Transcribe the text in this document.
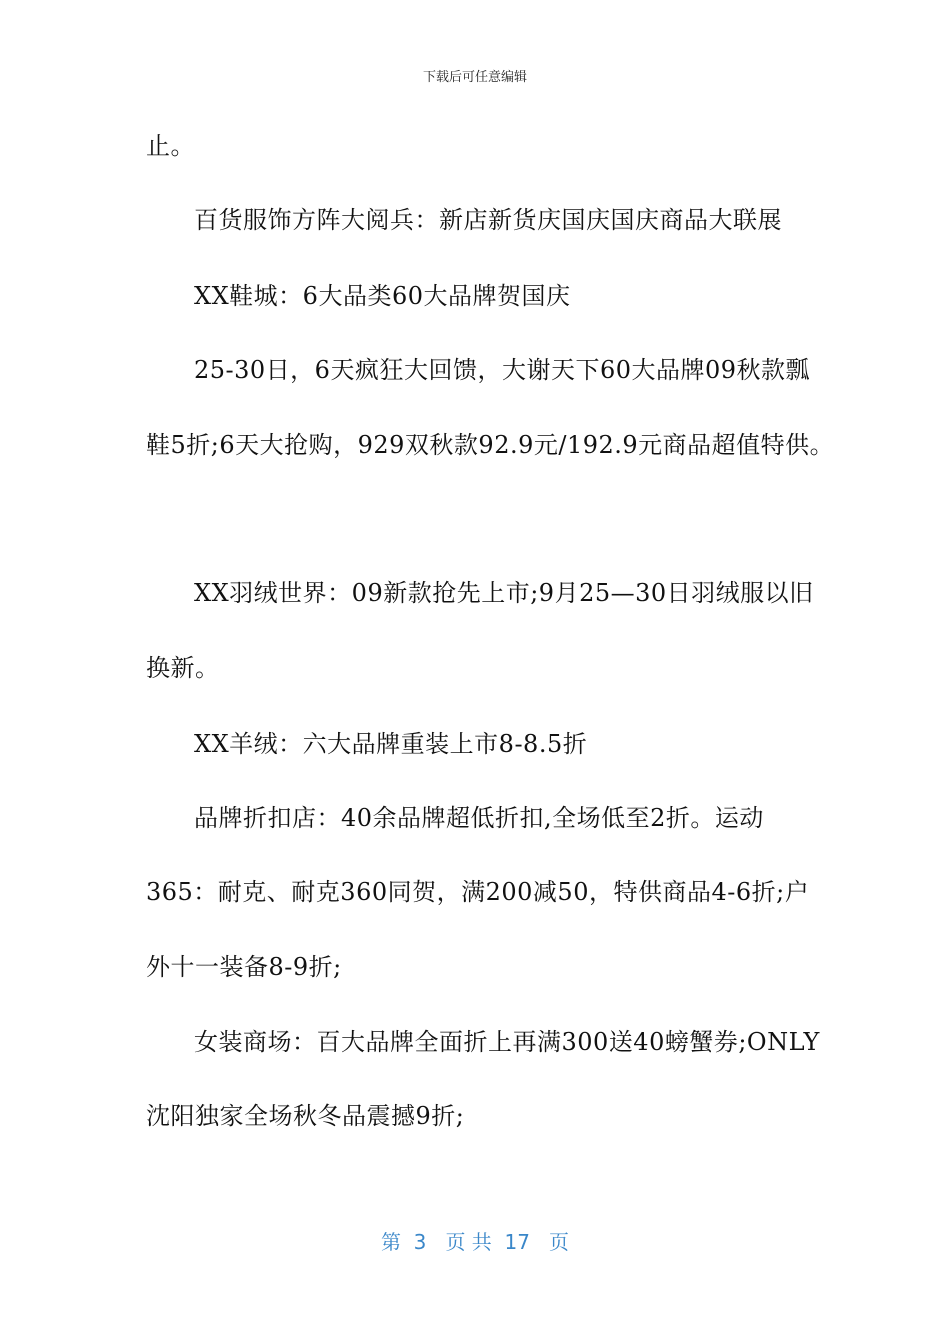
下载后可任意编辑
止。
百货服饰方阵大阅兵：新店新货庆国庆国庆商品大联展
XX鞋城：6大品类60大品牌贺国庆
25-30日，6天疯狂大回馈，大谢天下60大品牌09秋款瓢
鞋5折;6天大抢购，929双秋款92.9元/192.9元商品超值特供。
XX羽绒世界：09新款抢先上市;9月25—30日羽绒服以旧
换新。
XX羊绒：六大品牌重装上市8-8.5折
品牌折扣店：40余品牌超低折扣,全场低至2折。运动
365：耐克、耐克360同贺，满200减50，特供商品4-6折;户
外十一装备8-9折;
女装商场：百大品牌全面折上再满300送40螃蟹券;ONLY
沈阳独家全场秋冬品震撼9折;
第  3   页 共  17   页
